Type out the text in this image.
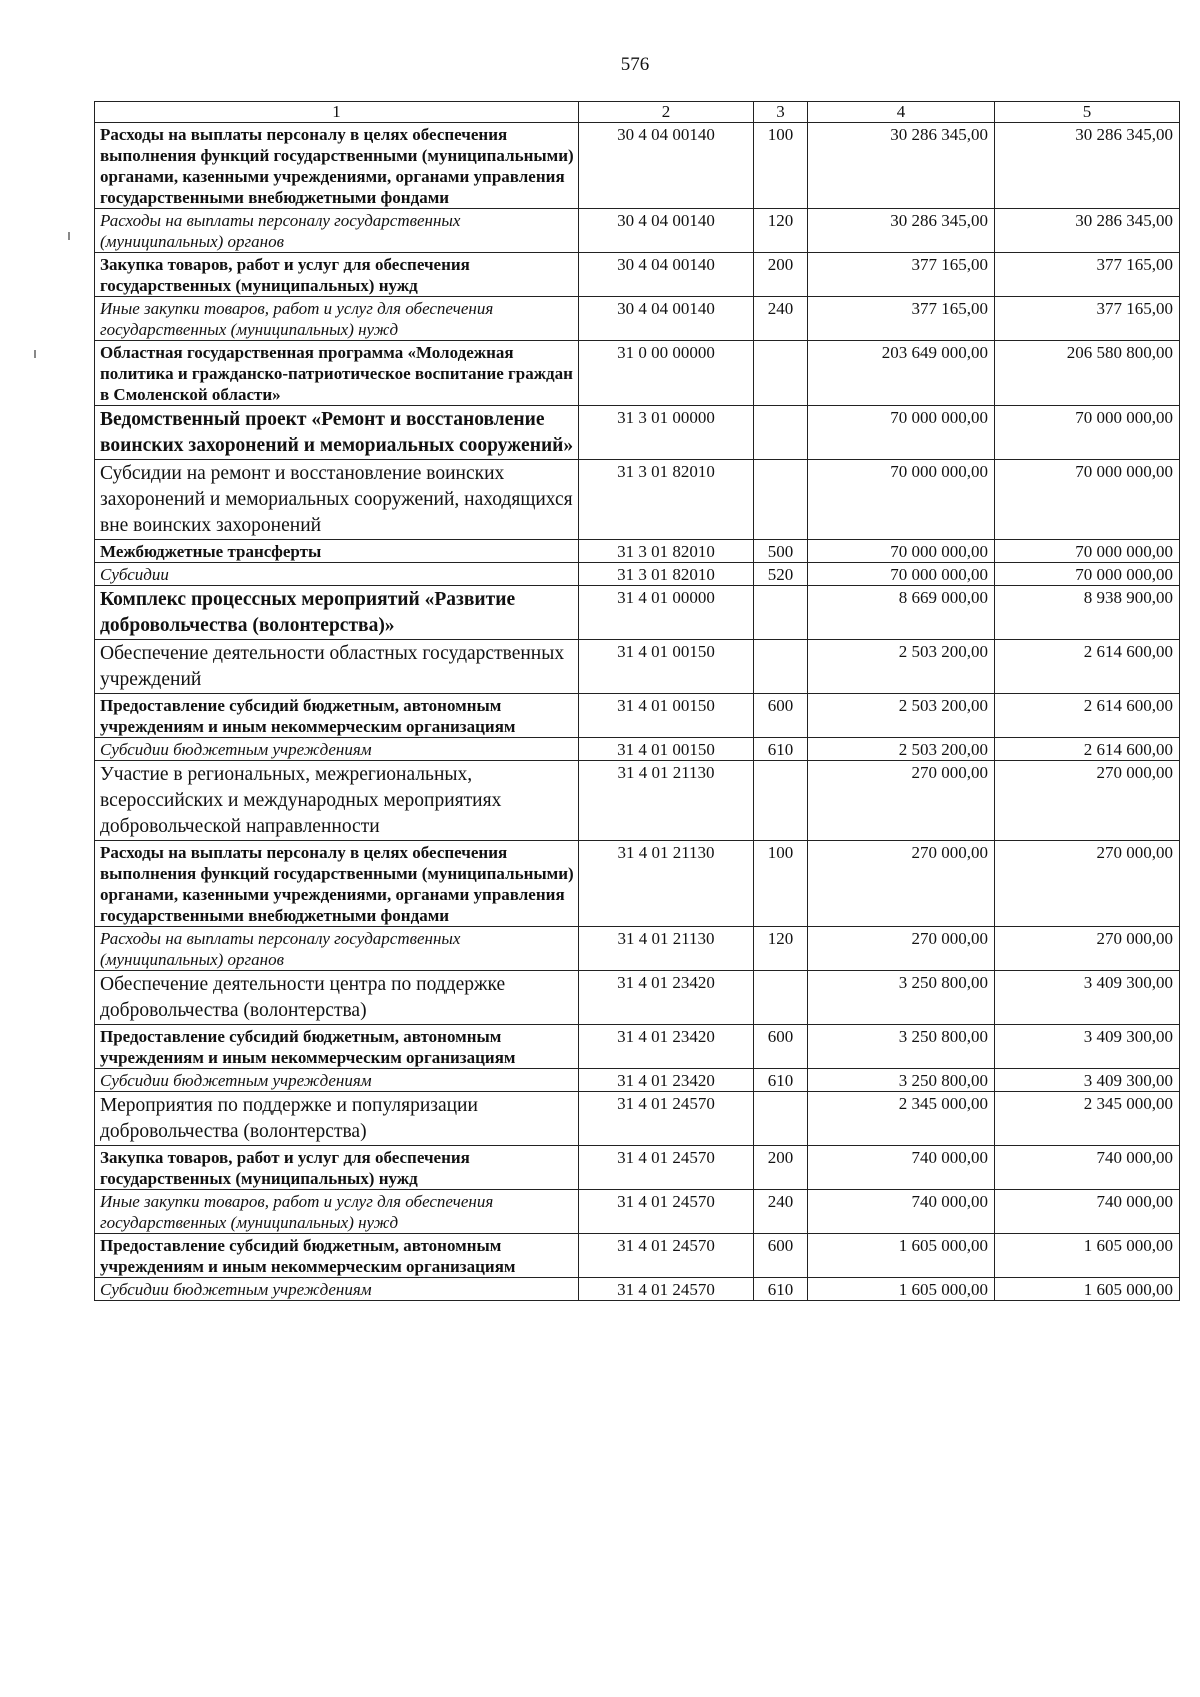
576
1	2	3	4	5
Расходы на выплаты персоналу в целях обеспечения выполнения функций государственными (муниципальными) органами, казенными учреждениями, органами управления государственными внебюджетными фондами	30 4 04 00140	100	30 286 345,00	30 286 345,00
Расходы на выплаты персоналу государственных (муниципальных) органов	30 4 04 00140	120	30 286 345,00	30 286 345,00
Закупка товаров, работ и услуг для обеспечения государственных (муниципальных) нужд	30 4 04 00140	200	377 165,00	377 165,00
Иные закупки товаров, работ и услуг для обеспечения государственных (муниципальных) нужд	30 4 04 00140	240	377 165,00	377 165,00
Областная государственная программа «Молодежная политика и гражданско-патриотическое воспитание граждан в Смоленской области»	31 0 00 00000		203 649 000,00	206 580 800,00
Ведомственный проект «Ремонт и восстановление воинских захоронений и мемориальных сооружений»	31 3 01 00000		70 000 000,00	70 000 000,00
Субсидии на ремонт и восстановление воинских захоронений и мемориальных сооружений, находящихся вне воинских захоронений	31 3 01 82010		70 000 000,00	70 000 000,00
Межбюджетные трансферты	31 3 01 82010	500	70 000 000,00	70 000 000,00
Субсидии	31 3 01 82010	520	70 000 000,00	70 000 000,00
Комплекс процессных мероприятий «Развитие добровольчества (волонтерства)»	31 4 01 00000		8 669 000,00	8 938 900,00
Обеспечение деятельности областных государственных учреждений	31 4 01 00150		2 503 200,00	2 614 600,00
Предоставление субсидий бюджетным, автономным учреждениям и иным некоммерческим организациям	31 4 01 00150	600	2 503 200,00	2 614 600,00
Субсидии бюджетным учреждениям	31 4 01 00150	610	2 503 200,00	2 614 600,00
Участие в региональных, межрегиональных, всероссийских и международных мероприятиях добровольческой направленности	31 4 01 21130		270 000,00	270 000,00
Расходы на выплаты персоналу в целях обеспечения выполнения функций государственными (муниципальными) органами, казенными учреждениями, органами управления государственными внебюджетными фондами	31 4 01 21130	100	270 000,00	270 000,00
Расходы на выплаты персоналу государственных (муниципальных) органов	31 4 01 21130	120	270 000,00	270 000,00
Обеспечение деятельности центра по поддержке добровольчества (волонтерства)	31 4 01 23420		3 250 800,00	3 409 300,00
Предоставление субсидий бюджетным, автономным учреждениям и иным некоммерческим организациям	31 4 01 23420	600	3 250 800,00	3 409 300,00
Субсидии бюджетным учреждениям	31 4 01 23420	610	3 250 800,00	3 409 300,00
Мероприятия по поддержке и популяризации добровольчества (волонтерства)	31 4 01 24570		2 345 000,00	2 345 000,00
Закупка товаров, работ и услуг для обеспечения государственных (муниципальных) нужд	31 4 01 24570	200	740 000,00	740 000,00
Иные закупки товаров, работ и услуг для обеспечения государственных (муниципальных) нужд	31 4 01 24570	240	740 000,00	740 000,00
Предоставление субсидий бюджетным, автономным учреждениям и иным некоммерческим организациям	31 4 01 24570	600	1 605 000,00	1 605 000,00
Субсидии бюджетным учреждениям	31 4 01 24570	610	1 605 000,00	1 605 000,00
